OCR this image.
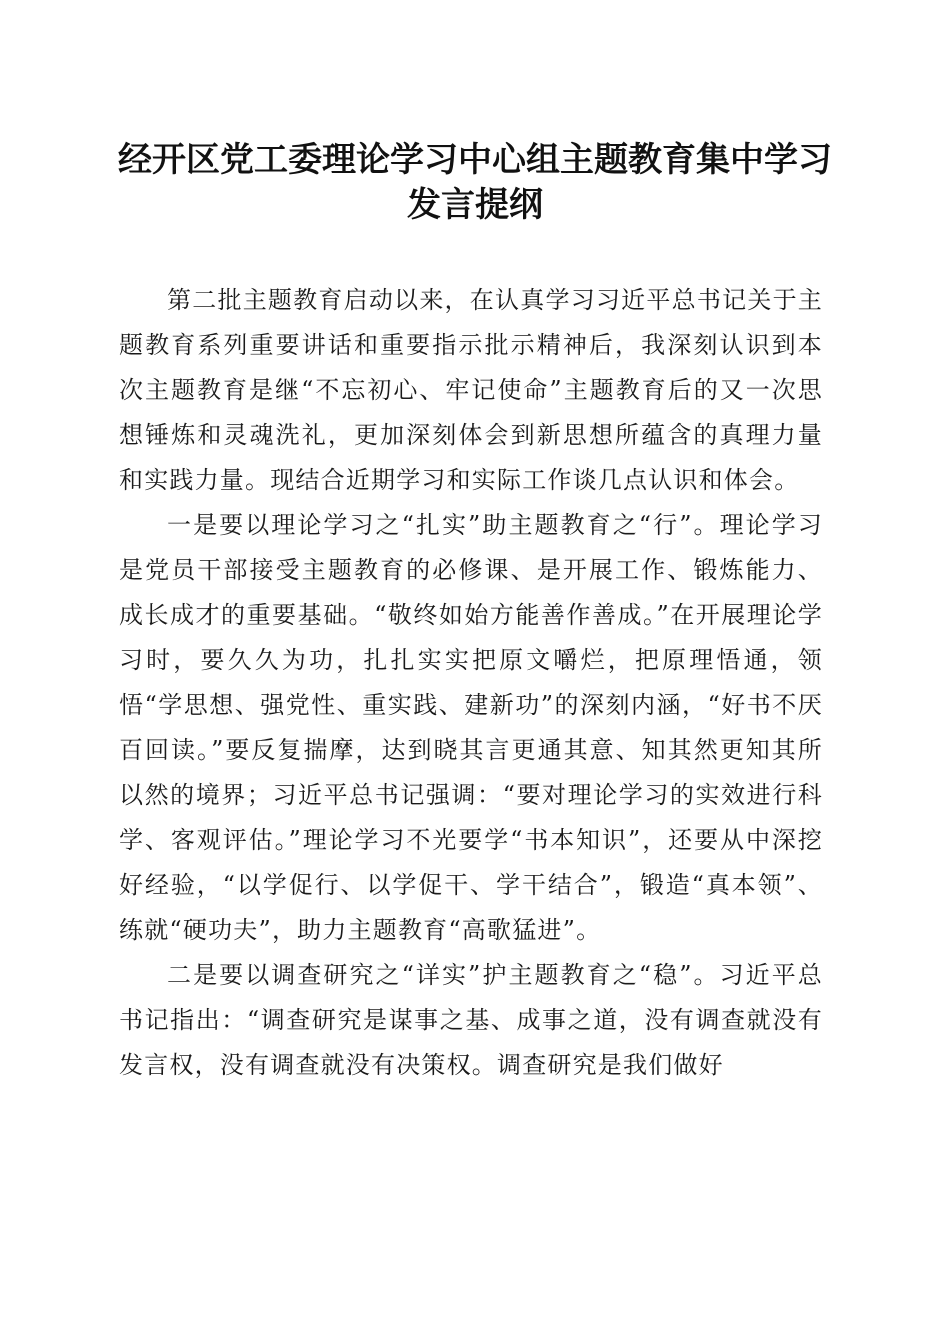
经开区党工委理论学习中心组主题教育集中学习发言提纲

第二批主题教育启动以来，在认真学习习近平总书记关于主题教育系列重要讲话和重要指示批示精神后，我深刻认识到本次主题教育是继“不忘初心、牢记使命”主题教育后的又一次思想锤炼和灵魂洗礼，更加深刻体会到新思想所蕴含的真理力量和实践力量。现结合近期学习和实际工作谈几点认识和体会。

一是要以理论学习之“扎实”助主题教育之“行”。理论学习是党员干部接受主题教育的必修课、是开展工作、锻炼能力、成长成才的重要基础。“敬终如始方能善作善成。”在开展理论学习时，要久久为功，扎扎实实把原文嚼烂，把原理悟通，领悟“学思想、强党性、重实践、建新功”的深刻内涵，“好书不厌百回读。”要反复揣摩，达到晓其言更通其意、知其然更知其所以然的境界；习近平总书记强调：“要对理论学习的实效进行科学、客观评估。”理论学习不光要学“书本知识”，还要从中深挖好经验，“以学促行、以学促干、学干结合”，锻造“真本领”、练就“硬功夫”，助力主题教育“高歌猛进”。

二是要以调查研究之“详实”护主题教育之“稳”。习近平总书记指出：“调查研究是谋事之基、成事之道，没有调查就没有发言权，没有调查就没有决策权。调查研究是我们做好
